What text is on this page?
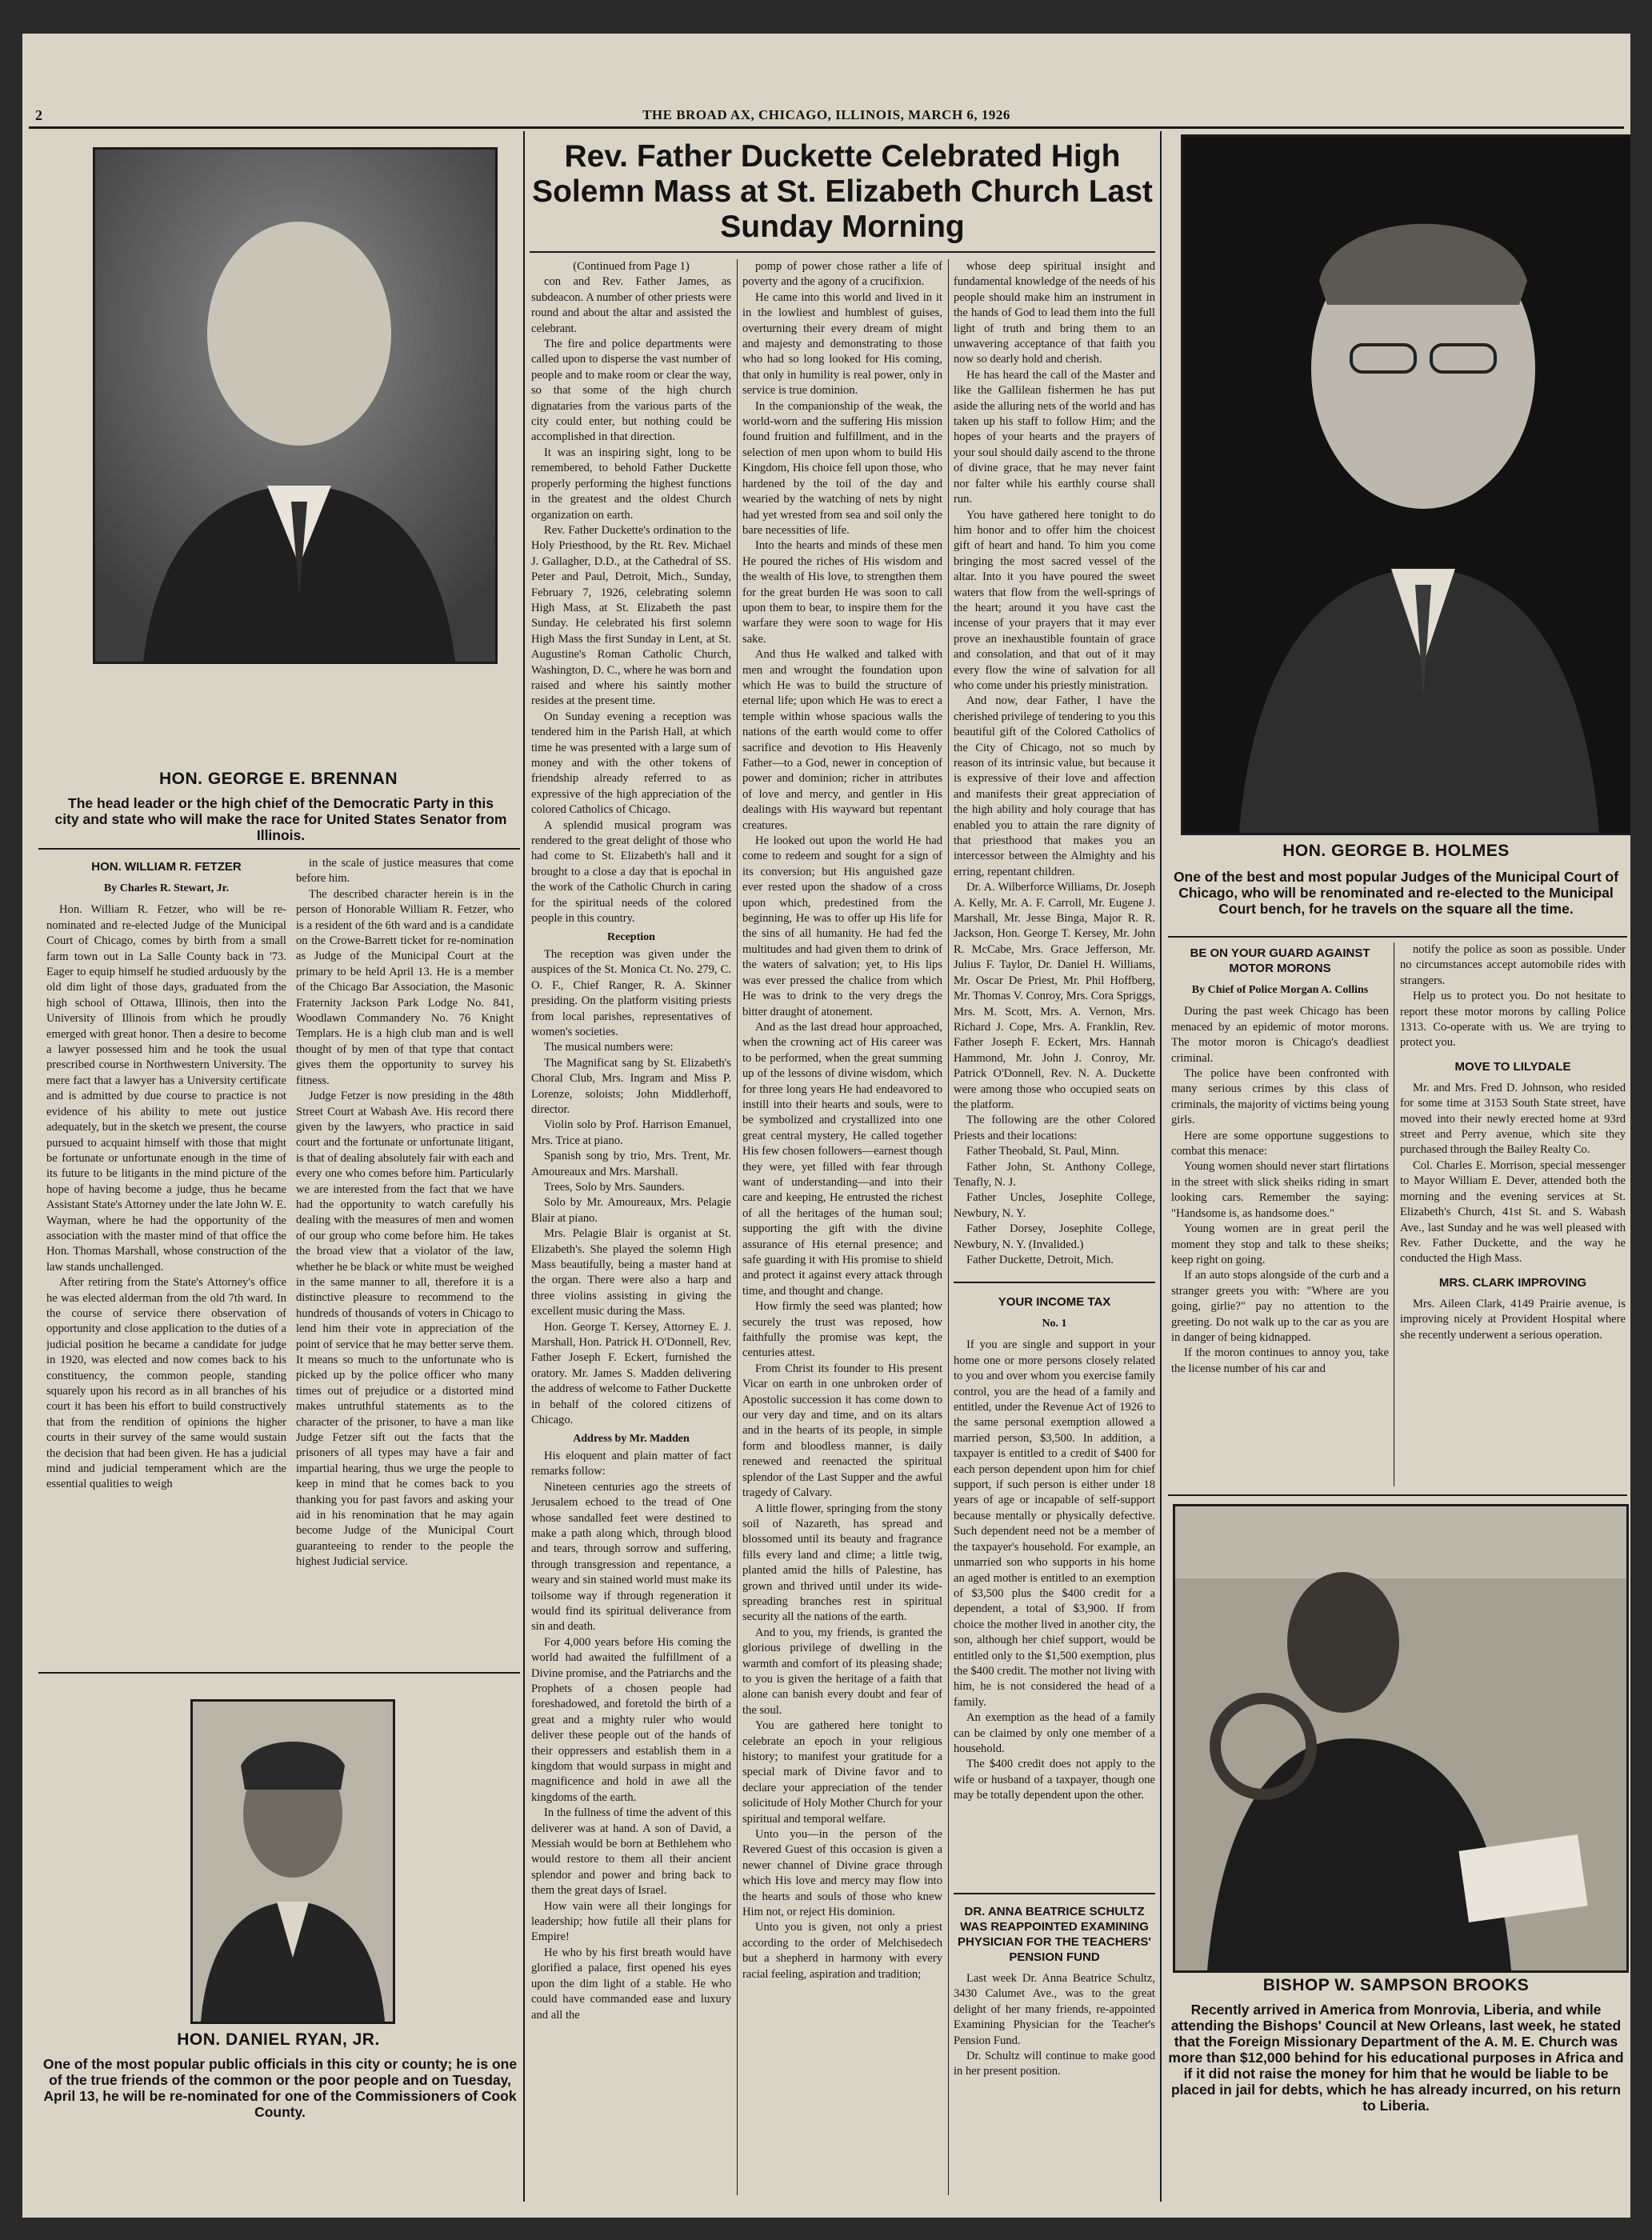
2	THE BROAD AX, CHICAGO, ILLINOIS, MARCH 6, 1926
HON. GEORGE E. BRENNAN
The head leader or the high chief of the Democratic Party in this city and state who will make the race for United States Senator from Illinois.
HON. WILLIAM R. FETZER
By Charles R. Stewart, Jr.

Hon. William R. Fetzer, who will be re-nominated and re-elected Judge of the Municipal Court of Chicago, comes by birth from a small farm town out in La Salle County back in '73. Eager to equip himself he studied arduously by the old dim light of those days, graduated from the high school of Ottawa, Illinois, then into the University of Illinois from which he proudly emerged with great honor. Then a desire to become a lawyer possessed him and he took the usual prescribed course in Northwestern University. The mere fact that a lawyer has a University certificate and is admitted by due course to practice is not evidence of his ability to mete out justice adequately, but in the sketch we present, the course pursued to acquaint himself with those that might be fortunate or unfortunate enough in the time of its future to be litigants in the mind picture of the hope of having become a judge, thus he became Assistant State's Attorney under the late John W. E. Wayman, where he had the opportunity of the association with the master mind of that office the Hon. Thomas Marshall, whose construction of the law stands unchallenged.

After retiring from the State's Attorney's office he was elected alderman from the old 7th ward. In the course of service there observation of opportunity and close application to the duties of a judicial position he became a candidate for judge in 1920, was elected and now comes back to his constituency, the common people, standing squarely upon his record as in all branches of his court it has been his effort to build constructively that from the rendition of opinions the higher courts in their survey of the same would sustain the decision that had been given. He has a judicial mind and judicial temperament which are the essential qualities to weigh

in the scale of justice measures that come before him.

The described character herein is in the person of Honorable William R. Fetzer, who is a resident of the 6th ward and is a candidate on the Crowe-Barrett ticket for re-nomination as Judge of the Municipal Court at the primary to be held April 13. He is a member of the Chicago Bar Association, the Masonic Fraternity Jackson Park Lodge No. 841, Woodlawn Commandery No. 76 Knight Templars. He is a high club man and is well thought of by men of that type that contact gives them the opportunity to survey his fitness.

Judge Fetzer is now presiding in the 48th Street Court at Wabash Ave. His record there given by the lawyers, who practice in said court and the fortunate or unfortunate litigant, is that of dealing absolutely fair with each and every one who comes before him. Particularly we are interested from the fact that we have had the opportunity to watch carefully his dealing with the measures of men and women of our group who come before him. He takes the broad view that a violator of the law, whether he be black or white must be weighed in the same manner to all, therefore it is a distinctive pleasure to recommend to the hundreds of thousands of voters in Chicago to lend him their vote in appreciation of the point of service that he may better serve them. It means so much to the unfortunate who is picked up by the police officer who many times out of prejudice or a distorted mind makes untruthful statements as to the character of the prisoner, to have a man like Judge Fetzer sift out the facts that the prisoners of all types may have a fair and impartial hearing, thus we urge the people to keep in mind that he comes back to you thanking you for past favors and asking your aid in his renomination that he may again become Judge of the Municipal Court guaranteeing to render to the people the highest Judicial service.

HON. DANIEL RYAN, JR.
One of the most popular public officials in this city or county; he is one of the true friends of the common or the poor people and on Tuesday, April 13, he will be re-nominated for one of the Commissioners of Cook County.
Rev. Father Duckette Celebrated High Solemn Mass at St. Elizabeth Church Last Sunday Morning

(Continued from Page 1)

con and Rev. Father James, as subdeacon. A number of other priests were round and about the altar and assisted the celebrant.

The fire and police departments were called upon to disperse the vast number of people and to make room or clear the way, so that some of the high church dignataries from the various parts of the city could enter, but nothing could be accomplished in that direction.

It was an inspiring sight, long to be remembered, to behold Father Duckette properly performing the highest functions in the greatest and the oldest Church organization on earth.

Rev. Father Duckette's ordination to the Holy Priesthood, by the Rt. Rev. Michael J. Gallagher, D.D., at the Cathedral of SS. Peter and Paul, Detroit, Mich., Sunday, February 7, 1926, celebrating solemn High Mass, at St. Elizabeth the past Sunday. He celebrated his first solemn High Mass the first Sunday in Lent, at St. Augustine's Roman Catholic Church, Washington, D. C., where he was born and raised and where his saintly mother resides at the present time.

On Sunday evening a reception was tendered him in the Parish Hall, at which time he was presented with a large sum of money and with the other tokens of friendship already referred to as expressive of the high appreciation of the colored Catholics of Chicago.

A splendid musical program was rendered to the great delight of those who had come to St. Elizabeth's hall and it brought to a close a day that is epochal in the work of the Catholic Church in caring for the spiritual needs of the colored people in this country.

Reception

The reception was given under the auspices of the St. Monica Ct. No. 279, C. O. F., Chief Ranger, R. A. Skinner presiding. On the platform visiting priests from local parishes, representatives of women's societies.

The musical numbers were:

The Magnificat sang by St. Elizabeth's Choral Club, Mrs. Ingram and Miss P. Lorenze, soloists; John Middlerhoff, director.

Violin solo by Prof. Harrison Emanuel, Mrs. Trice at piano.

Spanish song by trio, Mrs. Trent, Mr. Amoureaux and Mrs. Marshall.

Trees, Solo by Mrs. Saunders.

Solo by Mr. Amoureaux, Mrs. Pelagie Blair at piano.

Mrs. Pelagie Blair is organist at St. Elizabeth's. She played the solemn High Mass beautifully, being a master hand at the organ. There were also a harp and three violins assisting in giving the excellent music during the Mass.

Hon. George T. Kersey, Attorney E. J. Marshall, Hon. Patrick H. O'Donnell, Rev. Father Joseph F. Eckert, furnished the oratory. Mr. James S. Madden delivering the address of welcome to Father Duckette in behalf of the colored citizens of Chicago.

Address by Mr. Madden

His eloquent and plain matter of fact remarks follow:

Nineteen centuries ago the streets of Jerusalem echoed to the tread of One whose sandalled feet were destined to make a path along which, through blood and tears, through sorrow and suffering, through transgression and repentance, a weary and sin stained world must make its toilsome way if through regeneration it would find its spiritual deliverance from sin and death.

For 4,000 years before His coming the world had awaited the fulfillment of a Divine promise, and the Patriarchs and the Prophets of a chosen people had foreshadowed, and foretold the birth of a great and a mighty ruler who would deliver these people out of the hands of their oppressers and establish them in a kingdom that would surpass in might and magnificence and hold in awe all the kingdoms of the earth.

In the fullness of time the advent of this deliverer was at hand. A son of David, a Messiah would be born at Bethlehem who would restore to them all their ancient splendor and power and bring back to them the great days of Israel.

How vain were all their longings for leadership; how futile all their plans for Empire!

He who by his first breath would have glorified a palace, first opened his eyes upon the dim light of a stable. He who could have commanded ease and luxury and all the

pomp of power chose rather a life of poverty and the agony of a crucifixion.

He came into this world and lived in it in the lowliest and humblest of guises, overturning their every dream of might and majesty and demonstrating to those who had so long looked for His coming, that only in humility is real power, only in service is true dominion.

In the companionship of the weak, the world-worn and the suffering His mission found fruition and fulfillment, and in the selection of men upon whom to build His Kingdom, His choice fell upon those, who hardened by the toil of the day and wearied by the watching of nets by night had yet wrested from sea and soil only the bare necessities of life.

Into the hearts and minds of these men He poured the riches of His wisdom and the wealth of His love, to strengthen them for the great burden He was soon to call upon them to bear, to inspire them for the warfare they were soon to wage for His sake.

And thus He walked and talked with men and wrought the foundation upon which He was to build the structure of eternal life; upon which He was to erect a temple within whose spacious walls the nations of the earth would come to offer sacrifice and devotion to His Heavenly Father—to a God, newer in conception of power and dominion; richer in attributes of love and mercy, and gentler in His dealings with His wayward but repentant creatures.

He looked out upon the world He had come to redeem and sought for a sign of its conversion; but His anguished gaze ever rested upon the shadow of a cross upon which, predestined from the beginning, He was to offer up His life for the sins of all humanity. He had fed the multitudes and had given them to drink of the waters of salvation; yet, to His lips was ever pressed the chalice from which He was to drink to the very dregs the bitter draught of atonement.

And as the last dread hour approached, when the crowning act of His career was to be performed, when the great summing up of the lessons of divine wisdom, which for three long years He had endeavored to instill into their hearts and souls, were to be symbolized and crystallized into one great central mystery, He called together His few chosen followers—earnest though they were, yet filled with fear through want of understanding—and into their care and keeping, He entrusted the richest of all the heritages of the human soul; supporting the gift with the divine assurance of His eternal presence; and safe guarding it with His promise to shield and protect it against every attack through time, and thought and change.

How firmly the seed was planted; how securely the trust was reposed, how faithfully the promise was kept, the centuries attest.

From Christ its founder to His present Vicar on earth in one unbroken order of Apostolic succession it has come down to our very day and time, and on its altars and in the hearts of its people, in simple form and bloodless manner, is daily renewed and reenacted the spiritual splendor of the Last Supper and the awful tragedy of Calvary.

A little flower, springing from the stony soil of Nazareth, has spread and blossomed until its beauty and fragrance fills every land and clime; a little twig, planted amid the hills of Palestine, has grown and thrived until under its wide-spreading branches rest in spiritual security all the nations of the earth.

And to you, my friends, is granted the glorious privilege of dwelling in the warmth and comfort of its pleasing shade; to you is given the heritage of a faith that alone can banish every doubt and fear of the soul.

You are gathered here tonight to celebrate an epoch in your religious history; to manifest your gratitude for a special mark of Divine favor and to declare your appreciation of the tender solicitude of Holy Mother Church for your spiritual and temporal welfare.

Unto you—in the person of the Revered Guest of this occasion is given a newer channel of Divine grace through which His love and mercy may flow into the hearts and souls of those who knew Him not, or reject His dominion.

Unto you is given, not only a priest according to the order of Melchisedech but a shepherd in harmony with every racial feeling, aspiration and tradition;

whose deep spiritual insight and fundamental knowledge of the needs of his people should make him an instrument in the hands of God to lead them into the full light of truth and bring them to an unwavering acceptance of that faith you now so dearly hold and cherish.

He has heard the call of the Master and like the Gallilean fishermen he has put aside the alluring nets of the world and has taken up his staff to follow Him; and the hopes of your hearts and the prayers of your soul should daily ascend to the throne of divine grace, that he may never faint nor falter while his earthly course shall run.

You have gathered here tonight to do him honor and to offer him the choicest gift of heart and hand. To him you come bringing the most sacred vessel of the altar. Into it you have poured the sweet waters that flow from the well-springs of the heart; around it you have cast the incense of your prayers that it may ever prove an inexhaustible fountain of grace and consolation, and that out of it may every flow the wine of salvation for all who come under his priestly ministration.

And now, dear Father, I have the cherished privilege of tendering to you this beautiful gift of the Colored Catholics of the City of Chicago, not so much by reason of its intrinsic value, but because it is expressive of their love and affection and manifests their great appreciation of the high ability and holy courage that has enabled you to attain the rare dignity of that priesthood that makes you an intercessor between the Almighty and his erring, repentant children.

Dr. A. Wilberforce Williams, Dr. Joseph A. Kelly, Mr. A. F. Carroll, Mr. Eugene J. Marshall, Mr. Jesse Binga, Major R. R. Jackson, Hon. George T. Kersey, Mr. John R. McCabe, Mrs. Grace Jefferson, Mr. Julius F. Taylor, Dr. Daniel H. Williams, Mr. Oscar De Priest, Mr. Phil Hoffberg, Mr. Thomas V. Conroy, Mrs. Cora Spriggs, Mrs. M. Scott, Mrs. A. Vernon, Mrs. Richard J. Cope, Mrs. A. Franklin, Rev. Father Joseph F. Eckert, Mrs. Hannah Hammond, Mr. John J. Conroy, Mr. Patrick O'Donnell, Rev. N. A. Duckette were among those who occupied seats on the platform.

The following are the other Colored Priests and their locations:

Father Theobald, St. Paul, Minn.

Father John, St. Anthony College, Tenafly, N. J.

Father Uncles, Josephite College, Newbury, N. Y.

Father Dorsey, Josephite College, Newbury, N. Y. (Invalided.)

Father Duckette, Detroit, Mich.

YOUR INCOME TAX
No. 1

If you are single and support in your home one or more persons closely related to you and over whom you exercise family control, you are the head of a family and entitled, under the Revenue Act of 1926 to the same personal exemption allowed a married person, $3,500. In addition, a taxpayer is entitled to a credit of $400 for each person dependent upon him for chief support, if such person is either under 18 years of age or incapable of self-support because mentally or physically defective. Such dependent need not be a member of the taxpayer's household. For example, an unmarried son who supports in his home an aged mother is entitled to an exemption of $3,500 plus the $400 credit for a dependent, a total of $3,900. If from choice the mother lived in another city, the son, although her chief support, would be entitled only to the $1,500 exemption, plus the $400 credit. The mother not living with him, he is not considered the head of a family.

An exemption as the head of a family can be claimed by only one member of a household.

The $400 credit does not apply to the wife or husband of a taxpayer, though one may be totally dependent upon the other.

DR. ANNA BEATRICE SCHULTZ WAS REAPPOINTED EXAMINING PHYSICIAN FOR THE TEACHERS' PENSION FUND

Last week Dr. Anna Beatrice Schultz, 3430 Calumet Ave., was to the great delight of her many friends, re-appointed Examining Physician for the Teacher's Pension Fund.

Dr. Schultz will continue to make good in her present position.

HON. GEORGE B. HOLMES
One of the best and most popular Judges of the Municipal Court of Chicago, who will be renominated and re-elected to the Municipal Court bench, for he travels on the square all the time.
BE ON YOUR GUARD AGAINST MOTOR MORONS
By Chief of Police Morgan A. Collins

During the past week Chicago has been menaced by an epidemic of motor morons. The motor moron is Chicago's deadliest criminal.

The police have been confronted with many serious crimes by this class of criminals, the majority of victims being young girls.

Here are some opportune suggestions to combat this menace:

Young women should never start flirtations in the street with slick sheiks riding in smart looking cars. Remember the saying: "Handsome is, as handsome does."

Young women are in great peril the moment they stop and talk to these sheiks; keep right on going.

If an auto stops alongside of the curb and a stranger greets you with: "Where are you going, girlie?" pay no attention to the greeting. Do not walk up to the car as you are in danger of being kidnapped.

If the moron continues to annoy you, take the license number of his car and

notify the police as soon as possible. Under no circumstances accept automobile rides with strangers.

Help us to protect you. Do not hesitate to report these motor morons by calling Police 1313. Co-operate with us. We are trying to protect you.

MOVE TO LILYDALE

Mr. and Mrs. Fred D. Johnson, who resided for some time at 3153 South State street, have moved into their newly erected home at 93rd street and Perry avenue, which site they purchased through the Bailey Realty Co.

Col. Charles E. Morrison, special messenger to Mayor William E. Dever, attended both the morning and the evening services at St. Elizabeth's Church, 41st St. and S. Wabash Ave., last Sunday and he was well pleased with Rev. Father Duckette, and the way he conducted the High Mass.

MRS. CLARK IMPROVING

Mrs. Aileen Clark, 4149 Prairie avenue, is improving nicely at Provident Hospital where she recently underwent a serious operation.

BISHOP W. SAMPSON BROOKS
Recently arrived in America from Monrovia, Liberia, and while attending the Bishops' Council at New Orleans, last week, he stated that the Foreign Missionary Department of the A. M. E. Church was more than $12,000 behind for his educational purposes in Africa and if it did not raise the money for him that he would be liable to be placed in jail for debts, which he has already incurred, on his return to Liberia.
